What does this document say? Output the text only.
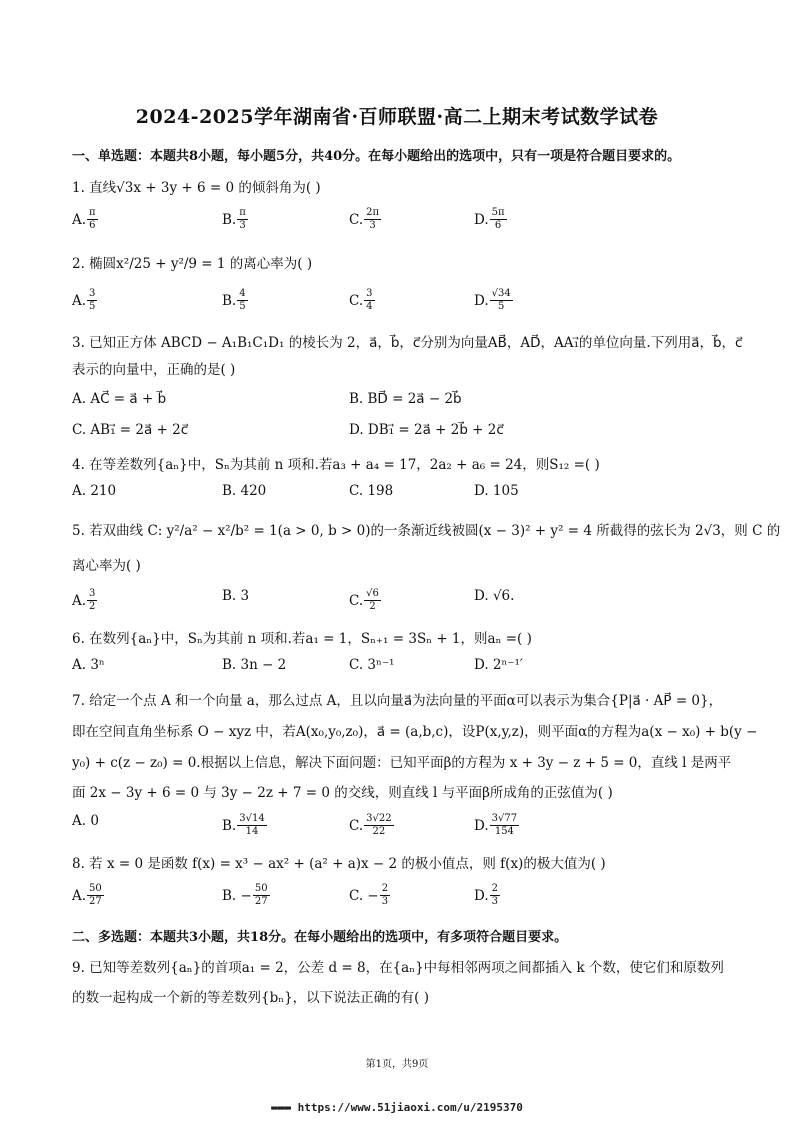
2024-2025学年湖南省·百师联盟·高二上期末考试数学试卷
一、单选题：本题共8小题，每小题5分，共40分。在每小题给出的选项中，只有一项是符合题目要求的。
1. 直线√3x + 3y + 6 = 0 的倾斜角为( )
A. $\frac{\pi}{6}$	B. $\frac{\pi}{3}$	C. $\frac{2\pi}{3}$	D. $\frac{5\pi}{6}$
2. 椭圆x²/25 + y²/9 = 1 的离心率为( )
A. $\frac{3}{5}$	B. $\frac{4}{5}$	C. $\frac{3}{4}$	D. $\frac{√34}{5}$
3. 已知正方体 ABCD − A₁B₁C₁D₁ 的棱长为 2，a⃗，b⃗，c⃗分别为向量AB⃗，AD⃗，AA₁⃗的单位向量.下列用a⃗，b⃗，c⃗
表示的向量中，正确的是( )
A. AC⃗ = a⃗ + b⃗	B. BD⃗ = 2a⃗ − 2b⃗
C. AB₁⃗ = 2a⃗ + 2c⃗	D. DB₁⃗ = 2a⃗ + 2b⃗ + 2c⃗
4. 在等差数列{aₙ}中，Sₙ为其前 n 项和.若a₃ + a₄ = 17，2a₂ + a₆ = 24，则S₁₂ =( )
A. 210	B. 420	C. 198	D. 105
5. 若双曲线 C: y²/a² − x²/b² = 1(a > 0, b > 0)的一条渐近线被圆(x − 3)² + y² = 4 所截得的弦长为 2√3，则 C 的
离心率为( )
A. $\frac{3}{2}$	B.
3	C. $\frac{√6}{2}$	D.
√6.
6. 在数列{aₙ}中，Sₙ为其前 n 项和.若a₁ = 1，Sₙ₊₁ = 3Sₙ + 1，则aₙ =( )
A. 3ⁿ	B. 3n − 2	C. 3ⁿ⁻¹	D. 2ⁿ⁻¹′
7. 给定一个点 A 和一个向量 a，那么过点 A，且以向量a⃗为法向量的平面α可以表示为集合{P|a⃗ · AP⃗ = 0}，
即在空间直角坐标系 O − xyz 中，若A(x₀,y₀,z₀)，a⃗ = (a,b,c)，设P(x,y,z)，则平面α的方程为a(x − x₀) + b(y −
y₀) + c(z − z₀) = 0.根据以上信息，解决下面问题：已知平面β的方程为 x + 3y − z + 5 = 0，直线 l 是两平
面 2x − 3y + 6 = 0 与 3y − 2z + 7 = 0 的交线，则直线 l 与平面β所成角的正弦值为( )
A.
0	B. $\frac{3√14}{14}$	C. $\frac{3√22}{22}$	D. $\frac{3√77}{154}$
8. 若 x = 0 是函数 f(x) = x³ − ax² + (a² + a)x − 2 的极小值点，则 f(x)的极大值为( )
A. $\frac{50}{27}$	B. − $\frac{50}{27}$	C. − $\frac{2}{3}$	D. $\frac{2}{3}$
二、多选题：本题共3小题，共18分。在每小题给出的选项中，有多项符合题目要求。
9. 已知等差数列{aₙ}的首项a₁ = 2，公差 d = 8，在{aₙ}中每相邻两项之间都插入 k 个数，使它们和原数列
的数一起构成一个新的等差数列{bₙ}，以下说法正确的有( )
第1页，共9页
▬▬▬ https://www.51jiaoxi.com/u/2195370
